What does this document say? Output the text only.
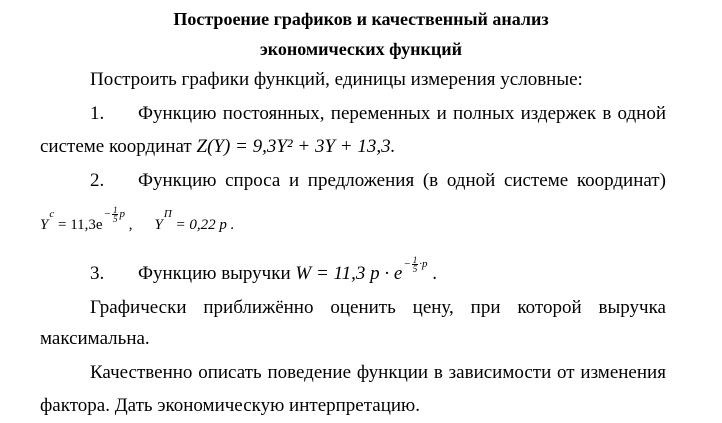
Построение графиков и качественный анализ
экономических функций
Построить графики функций, единицы измерения условные:
1. Функцию постоянных, переменных и полных издержек в одной
системе координат Z(Y) = 9,3Y² + 3Y + 13,3.
2. Функцию спроса и предложения (в одной системе координат)
$Yc = 11,3e- \frac{1}{5}$ p , YП = 0,22 p .
3. Функцию выручки W = 11,3 $p \cdot e- \frac{1}{5} \cdot p$ .
Графически приближённо оценить цену, при которой выручка
максимальна.
Качественно описать поведение функции в зависимости от изменения
фактора. Дать экономическую интерпретацию.
